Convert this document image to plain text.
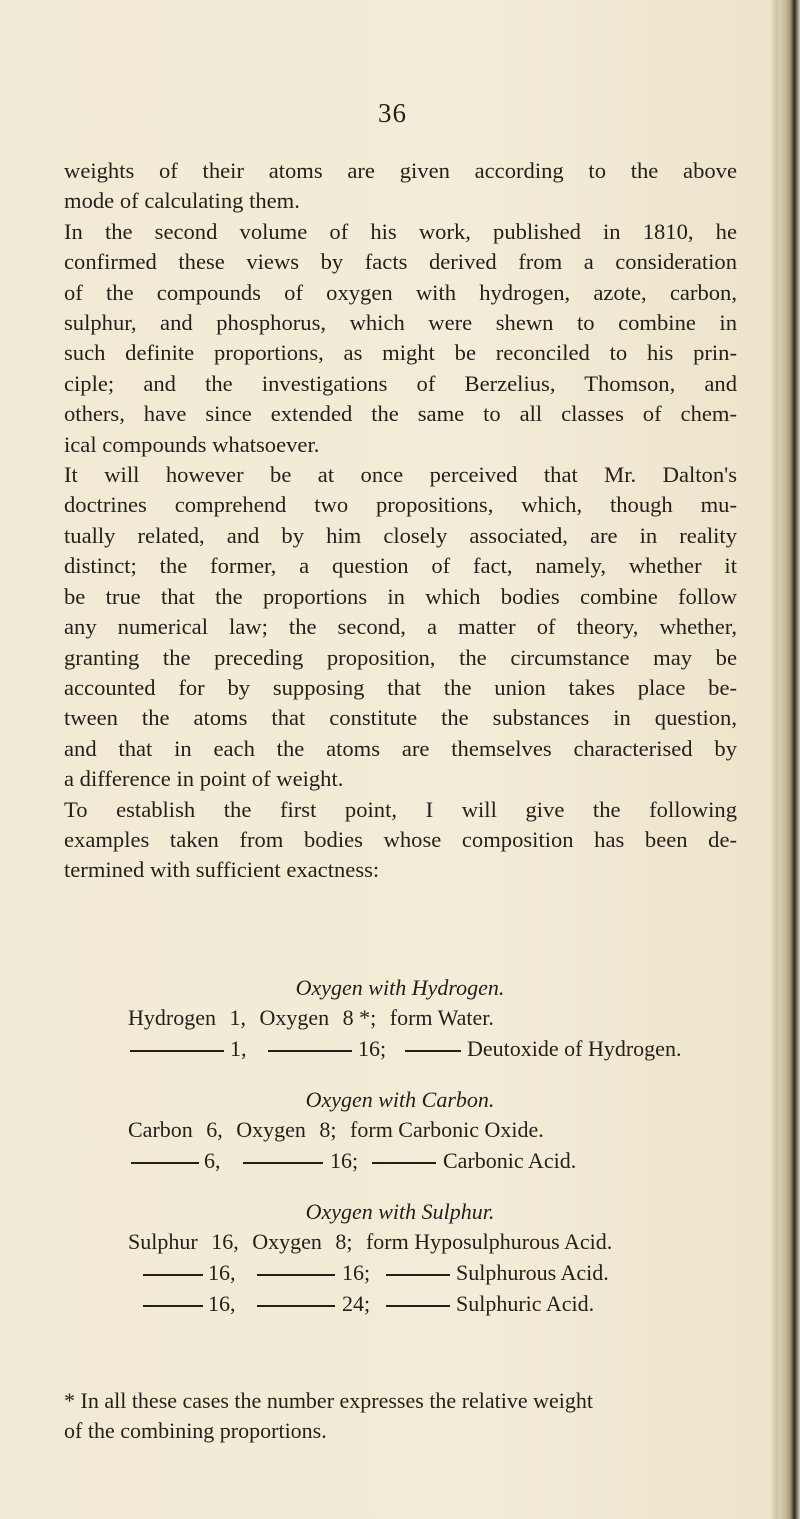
36

weights of their atoms are given according to the above
mode of calculating them.

In the second volume of his work, published in 1810, he
confirmed these views by facts derived from a consideration
of the compounds of oxygen with hydrogen, azote, carbon,
sulphur, and phosphorus, which were shewn to combine in
such definite proportions, as might be reconciled to his prin-
ciple; and the investigations of Berzelius, Thomson, and
others, have since extended the same to all classes of chem-
ical compounds whatsoever.

It will however be at once perceived that Mr. Dalton's
doctrines comprehend two propositions, which, though mu-
tually related, and by him closely associated, are in reality
distinct; the former, a question of fact, namely, whether it
be true that the proportions in which bodies combine follow
any numerical law; the second, a matter of theory, whether,
granting the preceding proposition, the circumstance may be
accounted for by supposing that the union takes place be-
tween the atoms that constitute the substances in question,
and that in each the atoms are themselves characterised by
a difference in point of weight.

To establish the first point, I will give the following
examples taken from bodies whose composition has been de-
termined with sufficient exactness:

Oxygen with Hydrogen.
Hydrogen 1, Oxygen 8 *; form Water.
1,	16;	Deutoxide of Hydrogen.
Oxygen with Carbon.
Carbon 6, Oxygen 8; form Carbonic Oxide.
6,	16;	Carbonic Acid.
Oxygen with Sulphur.
Sulphur 16, Oxygen 8; form Hyposulphurous Acid.
16,	16;	Sulphurous Acid.
16,	24;	Sulphuric Acid.
* In all these cases the number expresses the relative weight
of the combining proportions.
